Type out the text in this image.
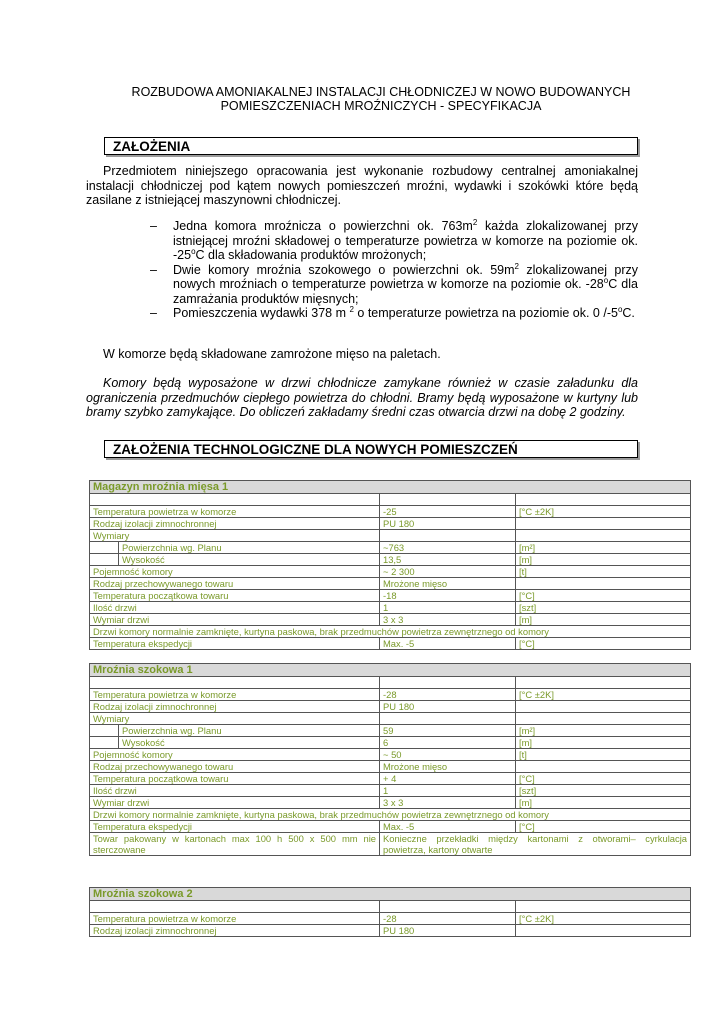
ROZBUDOWA AMONIAKALNEJ INSTALACJI CHŁODNICZEJ W NOWO BUDOWANYCH
POMIESZCZENIACH MROŹNICZYCH - SPECYFIKACJA
ZAŁOŻENIA
Przedmiotem niniejszego opracowania jest wykonanie rozbudowy centralnej amoniakalnej instalacji chłodniczej pod kątem nowych pomieszczeń mroźni, wydawki i szokówki które będą zasilane z istniejącej maszynowni chłodniczej.
– Jedna komora mroźnicza o powierzchni ok. $763m^2$ każda zlokalizowanej przy istniejącej mroźni składowej o temperaturze powietrza w komorze na poziomie ok. -25$^o$C dla składowania produktów mrożonych;
– Dwie komory mroźnia szokowego o powierzchni ok. $59m^2$ zlokalizowanej przy nowych mroźniach o temperaturze powietrza w komorze na poziomie ok. -28$^o$C dla zamrażania produktów mięsnych;
– Pomieszczenia wydawki 378 m $^2$ o temperaturze powietrza na poziomie ok. 0 /-5$^o$C.
W komorze będą składowane zamrożone mięso na paletach.
Komory będą wyposażone w drzwi chłodnicze zamykane również w czasie załadunku dla ograniczenia przedmuchów ciepłego powietrza do chłodni. Bramy będą wyposażone w kurtyny lub bramy szybko zamykające. Do obliczeń zakładamy średni czas otwarcia drzwi na dobę 2 godziny.
ZAŁOŻENIA TECHNOLOGICZNE DLA NOWYCH POMIESZCZEŃ
Magazyn mroźnia mięsa 1		

Temperatura powietrza w komorze	-25	[°C ±2K]
Rodzaj izolacji zimnochronnej	PU 180	
Wymiary		
Powierzchnia wg. Planu	~763	[m²]
Wysokość	13,5	[m]
Pojemność komory	~ 2 300	[t]
Rodzaj przechowywanego towaru	Mrożone mięso	
Temperatura początkowa towaru	-18	[°C]
Ilość drzwi	1	[szt]
Wymiar drzwi	3 x 3	[m]
Drzwi komory normalnie zamknięte, kurtyna paskowa, brak przedmuchów powietrza zewnętrznego od komory		
Temperatura ekspedycji	Max. -5	[°C]
Mroźnia szokowa 1		

Temperatura powietrza w komorze	-28	[°C ±2K]
Rodzaj izolacji zimnochronnej	PU 180	
Wymiary		
Powierzchnia wg. Planu	59	[m²]
Wysokość	6	[m]
Pojemność komory	~ 50	[t]
Rodzaj przechowywanego towaru	Mrożone mięso	
Temperatura początkowa towaru	+ 4	[°C]
Ilość drzwi	1	[szt]
Wymiar drzwi	3 x 3	[m]
Drzwi komory normalnie zamknięte, kurtyna paskowa, brak przedmuchów powietrza zewnętrznego od komory		
Temperatura ekspedycji	Max. -5	[°C]
Towar pakowany w kartonach max 100 h 500 x 500 mm nie sterczowane	Konieczne przekładki między kartonami z otworami– cyrkulacja powietrza, kartony otwarte	
Mroźnia szokowa 2		

Temperatura powietrza w komorze	-28	[°C ±2K]
Rodzaj izolacji zimnochronnej	PU 180	
